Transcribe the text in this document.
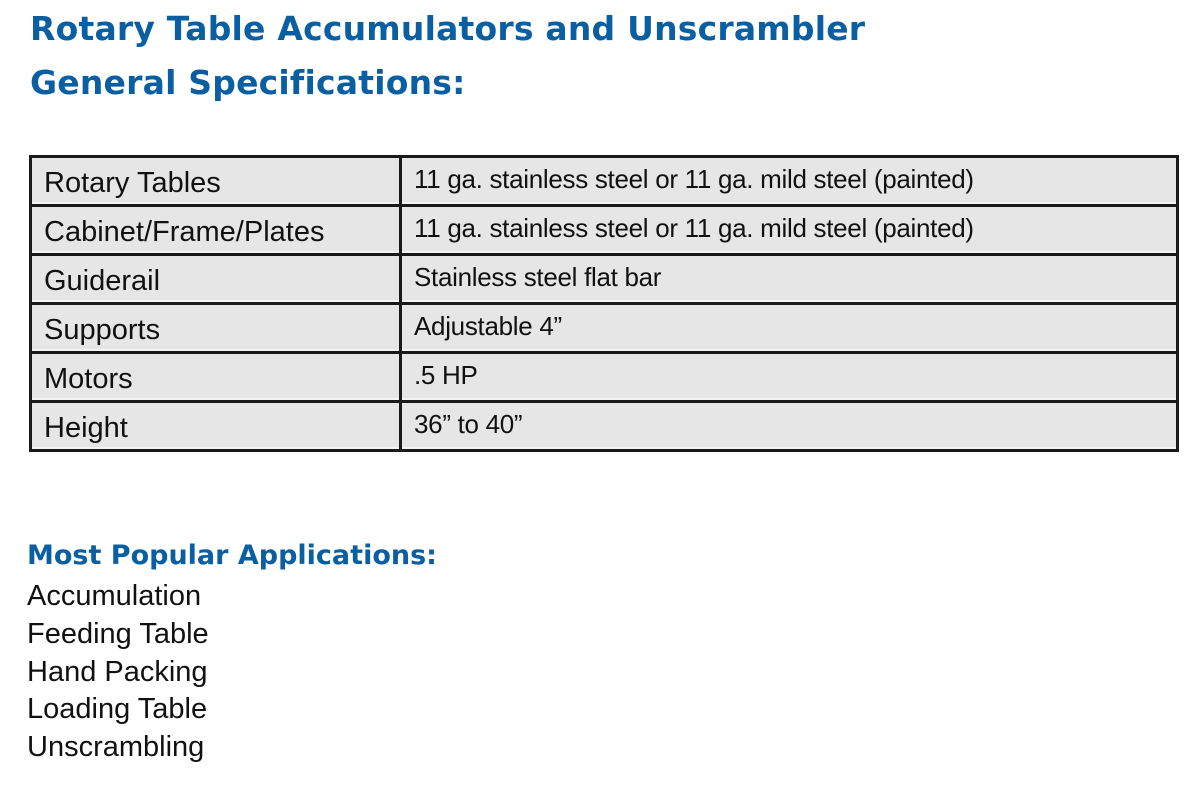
Rotary Table Accumulators and Unscrambler
General Specifications:
Rotary Tables	11 ga. stainless steel or 11 ga. mild steel (painted)
Cabinet/Frame/Plates	11 ga. stainless steel or 11 ga. mild steel (painted)
Guiderail	Stainless steel flat bar
Supports	Adjustable 4”
Motors	.5 HP
Height	36” to 40”
Most Popular Applications:
Accumulation
Feeding Table
Hand Packing
Loading Table
Unscrambling
